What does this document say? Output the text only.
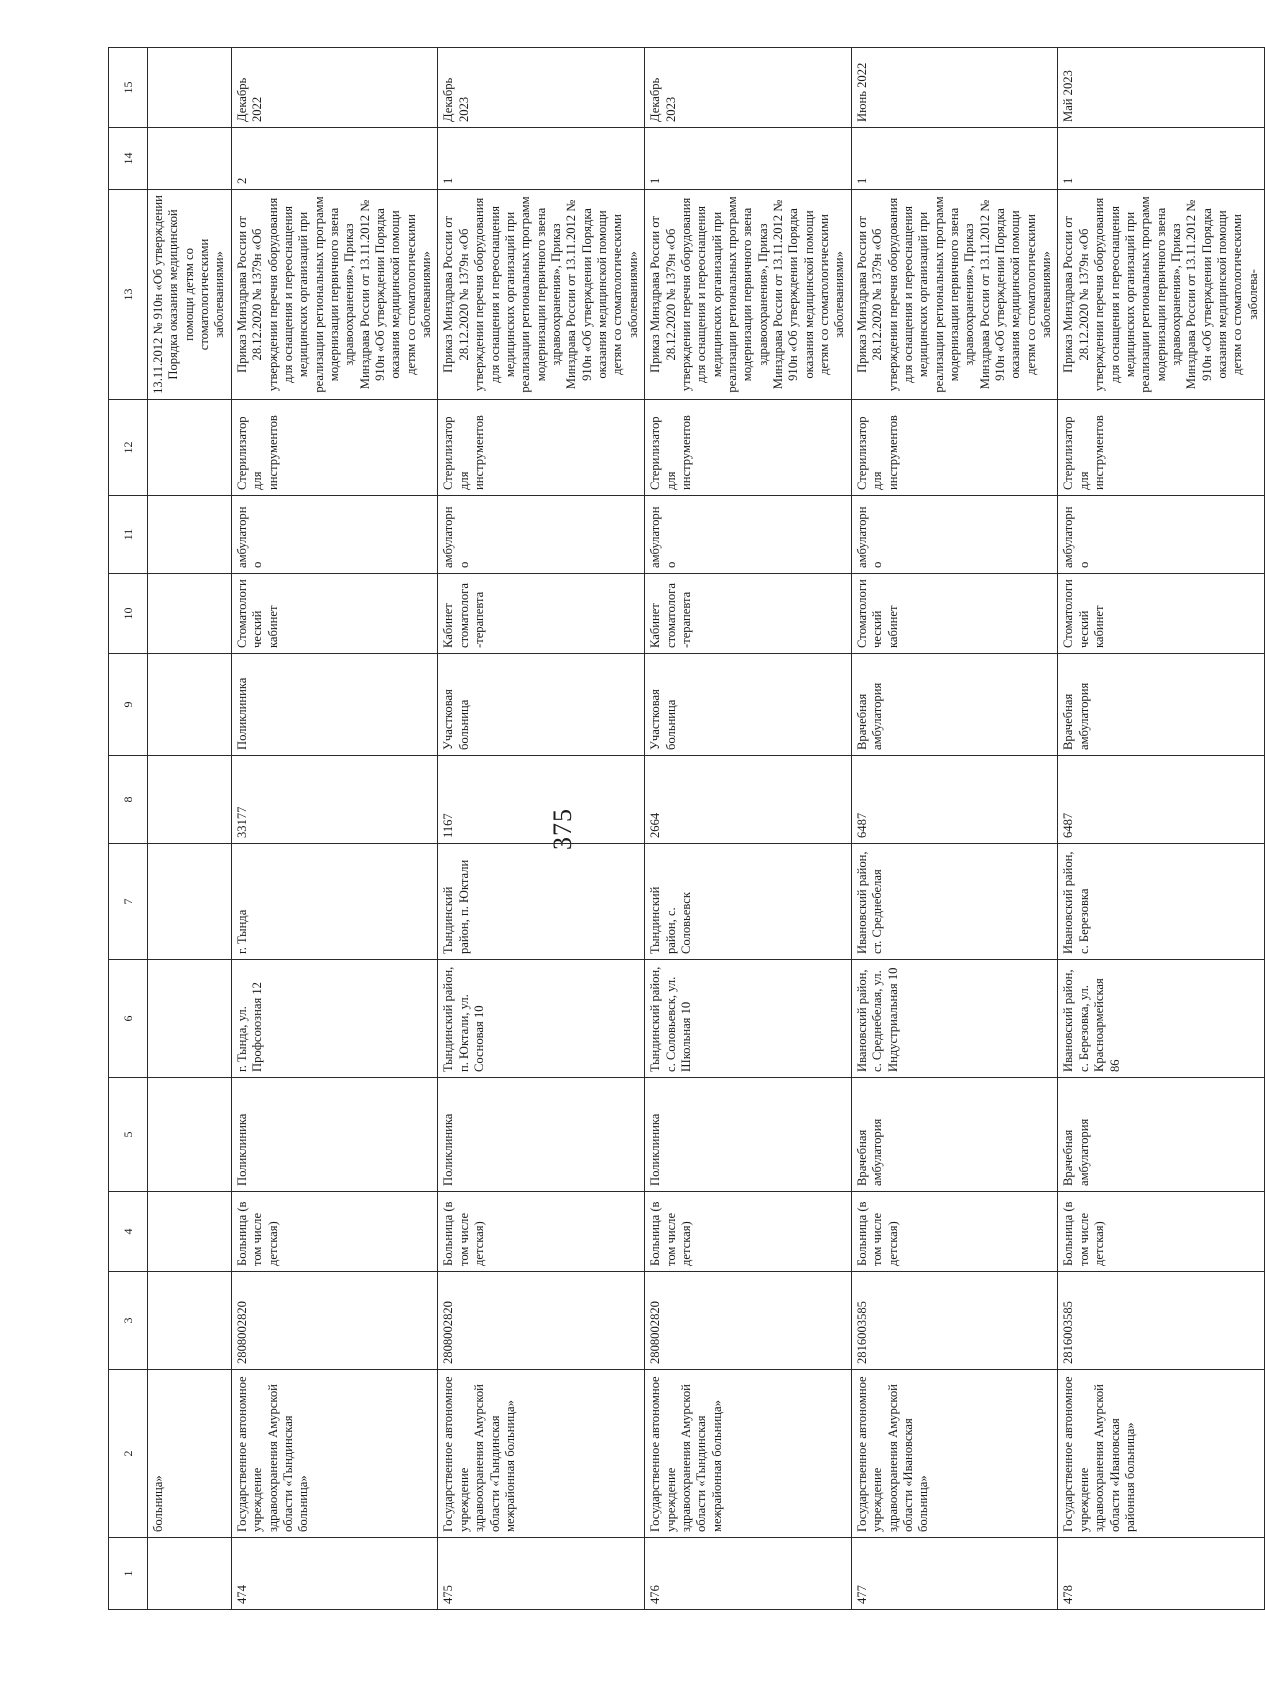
375
1	2	3	4	5	6	7	8	9	10	11	12	13	14	15
	больница»											13.11.2012 № 910н «Об утверждении Порядка оказания медицинской помощи детям со стоматологическими заболеваниями»		
474	Государственное автономное учреждение здравоохранения Амурской области «Тындинская больница»	2808002820	Больница (в том числе детская)	Поликлиника	г. Тында, ул. Профсоюзная 12	г. Тында	33177	Поликлиника	Стоматологический кабинет	амбулаторно	Стерилизатор для инструментов	Приказ Минздрава России от 28.12.2020 № 1379н «Об утверждении перечня оборудования для оснащения и переоснащения медицинских организаций при реализации региональных программ модернизации первичного звена здравоохранения», Приказ Минздрава России от 13.11.2012 № 910н «Об утверждении Порядка оказания медицинской помощи детям со стоматологическими заболеваниями»	2	Декабрь 2022
475	Государственное автономное учреждение здравоохранения Амурской области «Тындинская межрайонная больница»	2808002820	Больница (в том числе детская)	Поликлиника	Тындинский район, п. Юктали, ул. Сосновая 10	Тындинский район, п. Юктали	1167	Участковая больница	Кабинет стоматолога-терапевта	амбулаторно	Стерилизатор для инструментов	Приказ Минздрава России от 28.12.2020 № 1379н «Об утверждении перечня оборудования для оснащения и переоснащения медицинских организаций при реализации региональных программ модернизации первичного звена здравоохранения», Приказ Минздрава России от 13.11.2012 № 910н «Об утверждении Порядка оказания медицинской помощи детям со стоматологическими заболеваниями»	1	Декабрь 2023
476	Государственное автономное учреждение здравоохранения Амурской области «Тындинская межрайонная больница»	2808002820	Больница (в том числе детская)	Поликлиника	Тындинский район, с. Соловьевск, ул. Школьная 10	Тындинский район, с. Соловьевск	2664	Участковая больница	Кабинет стоматолога-терапевта	амбулаторно	Стерилизатор для инструментов	Приказ Минздрава России от 28.12.2020 № 1379н «Об утверждении перечня оборудования для оснащения и переоснащения медицинских организаций при реализации региональных программ модернизации первичного звена здравоохранения», Приказ Минздрава России от 13.11.2012 № 910н «Об утверждении Порядка оказания медицинской помощи детям со стоматологическими заболеваниями»	1	Декабрь 2023
477	Государственное автономное учреждение здравоохранения Амурской области «Ивановская больница»	2816003585	Больница (в том числе детская)	Врачебная амбулатория	Ивановский район, с. Среднебелая, ул. Индустриальная 10	Ивановский район, ст. Среднебелая	6487	Врачебная амбулатория	Стоматологический кабинет	амбулаторно	Стерилизатор для инструментов	Приказ Минздрава России от 28.12.2020 № 1379н «Об утверждении перечня оборудования для оснащения и переоснащения медицинских организаций при реализации региональных программ модернизации первичного звена здравоохранения», Приказ Минздрава России от 13.11.2012 № 910н «Об утверждении Порядка оказания медицинской помощи детям со стоматологическими заболеваниями»	1	Июнь 2022
478	Государственное автономное учреждение здравоохранения Амурской области «Ивановская районная больница»	2816003585	Больница (в том числе детская)	Врачебная амбулатория	Ивановский район, с. Березовка, ул. Красноармейская 86	Ивановский район, с. Березовка	6487	Врачебная амбулатория	Стоматологический кабинет	амбулаторно	Стерилизатор для инструментов	Приказ Минздрава России от 28.12.2020 № 1379н «Об утверждении перечня оборудования для оснащения и переоснащения медицинских организаций при реализации региональных программ модернизации первичного звена здравоохранения», Приказ Минздрава России от 13.11.2012 № 910н «Об утверждении Порядка оказания медицинской помощи детям со стоматологическими заболева-	1	Май 2023
